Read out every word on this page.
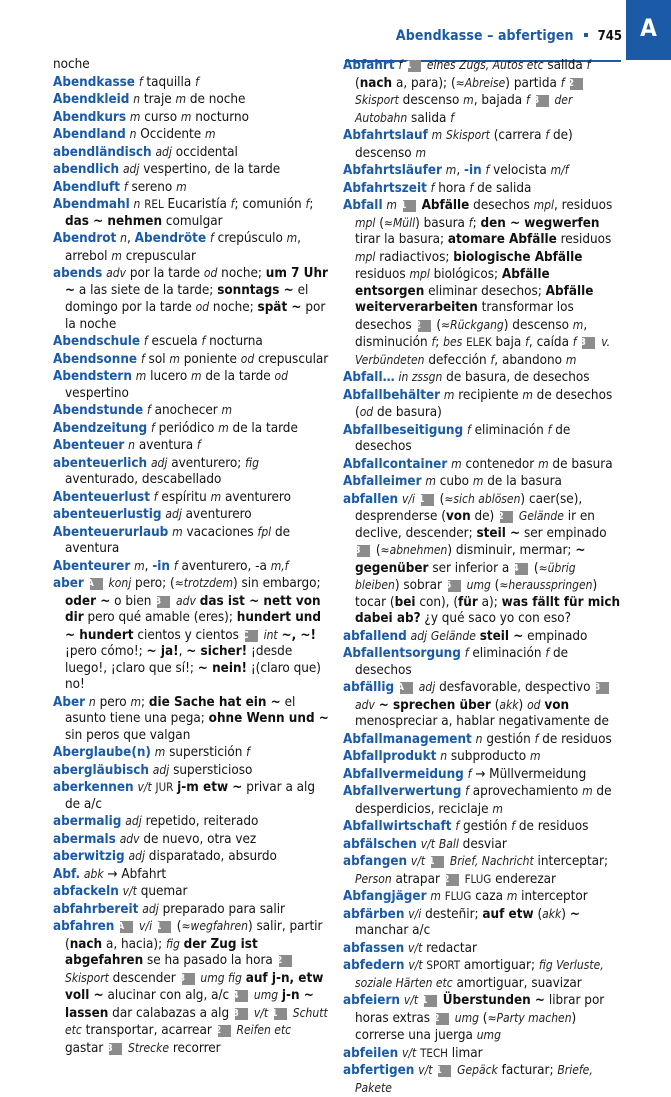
A
Abendkasse – abfertigen 745

noche

Abendkasse f taquilla f

Abendkleid n traje m de noche

Abendkurs m curso m nocturno

Abendland n Occidente m

abendländisch adj occidental

abendlich adj vespertino, de la tarde

Abendluft f sereno m

Abendmahl n REL Eucaristía f; comunión f; das ~ nehmen comulgar

Abendrot n, Abendröte f crepúsculo m, arrebol m crepuscular

abends adv por la tarde od noche; um 7 Uhr ~ a las siete de la tarde; sonntags ~ el domingo por la tarde od noche; spät ~ por la noche

Abendschule f escuela f nocturna

Abendsonne f sol m poniente od crepuscular

Abendstern m lucero m de la tarde od vespertino

Abendstunde f anochecer m

Abendzeitung f periódico m de la tarde

Abenteuer n aventura f

abenteuerlich adj aventurero; fig aventurado, descabellado

Abenteuerlust f espíritu m aventurero

abenteuerlustig adj aventurero

Abenteuerurlaub m vacaciones fpl de aventura

Abenteurer m, -in f aventurero, -a m,f

aber A konj pero; (≈trotzdem) sin embargo; oder ~ o bien B adv das ist ~ nett von dir pero qué amable (eres); hundert und ~ hundert cientos y cientos C int ~, ~! ¡pero cómo!; ~ ja!, ~ sicher! ¡desde luego!, ¡claro que sí!; ~ nein! ¡(claro que) no!

Aber n pero m; die Sache hat ein ~ el asunto tiene una pega; ohne Wenn und ~ sin peros que valgan

Aberglaube(n) m superstición f

abergläubisch adj supersticioso

aberkennen v/t JUR j-m etw ~ privar a alg de a/c

abermalig adj repetido, reiterado

abermals adv de nuevo, otra vez

aberwitzig adj disparatado, absurdo

Abf. abk → Abfahrt

abfackeln v/t quemar

abfahrbereit adj preparado para salir

abfahren A v/i 1 (≈wegfahren) salir, partir (nach a, hacia); fig der Zug ist abgefahren se ha pasado la hora 2 Skisport descender 3 umg fig auf j-n, etw voll ~ alucinar con alg, a/c 4 umg j-n ~ lassen dar calabazas a alg B v/t 1 Schutt etc transportar, acarrear 2 Reifen etc gastar 3 Strecke recorrer

Abfahrt f 1 eines Zugs, Autos etc salida f (nach a, para); (≈Abreise) partida f 2 Skisport descenso m, bajada f 3 der Autobahn salida f

Abfahrtslauf m Skisport (carrera f de) descenso m

Abfahrtsläufer m, -in f velocista m/f

Abfahrtszeit f hora f de salida

Abfall m 1 Abfälle desechos mpl, residuos mpl (≈Müll) basura f; den ~ wegwerfen tirar la basura; atomare Abfälle residuos mpl radiactivos; biologische Abfälle residuos mpl biológicos; Abfälle entsorgen eliminar desechos; Abfälle weiterverarbeiten transformar los desechos 2 (≈Rückgang) descenso m, disminución f; bes ELEK baja f, caída f 3 v. Verbündeten defección f, abandono m

Abfall… in zssgn de basura, de desechos

Abfallbehälter m recipiente m de desechos (od de basura)

Abfallbeseitigung f eliminación f de desechos

Abfallcontainer m contenedor m de basura

Abfalleimer m cubo m de la basura

abfallen v/i 1 (≈sich ablösen) caer(se), desprenderse (von de) 2 Gelände ir en declive, descender; steil ~ ser empinado 3 (≈abnehmen) disminuir, mermar; ~ gegenüber ser inferior a 4 (≈übrig bleiben) sobrar 5 umg (≈herausspringen) tocar (bei con), (für a); was fällt für mich dabei ab? ¿y qué saco yo con eso?

abfallend adj Gelände steil ~ empinado

Abfallentsorgung f eliminación f de desechos

abfällig A adj desfavorable, despectivo B adv ~ sprechen über (akk) od von menospreciar a, hablar negativamente de

Abfallmanagement n gestión f de residuos

Abfallprodukt n subproducto m

Abfallvermeidung f → Müllvermeidung

Abfallverwertung f aprovechamiento m de desperdicios, reciclaje m

Abfallwirtschaft f gestión f de residuos

abfälschen v/t Ball desviar

abfangen v/t 1 Brief, Nachricht interceptar; Person atrapar 2 FLUG enderezar

Abfangjäger m FLUG caza m interceptor

abfärben v/i desteñir; auf etw (akk) ~ manchar a/c

abfassen v/t redactar

abfedern v/t SPORT amortiguar; fig Verluste, soziale Härten etc amortiguar, suavizar

abfeiern v/t 1 Überstunden ~ librar por horas extras 2 umg (≈Party machen) correrse una juerga umg

abfeilen v/t TECH limar

abfertigen v/t 1 Gepäck facturar; Briefe, Pakete
